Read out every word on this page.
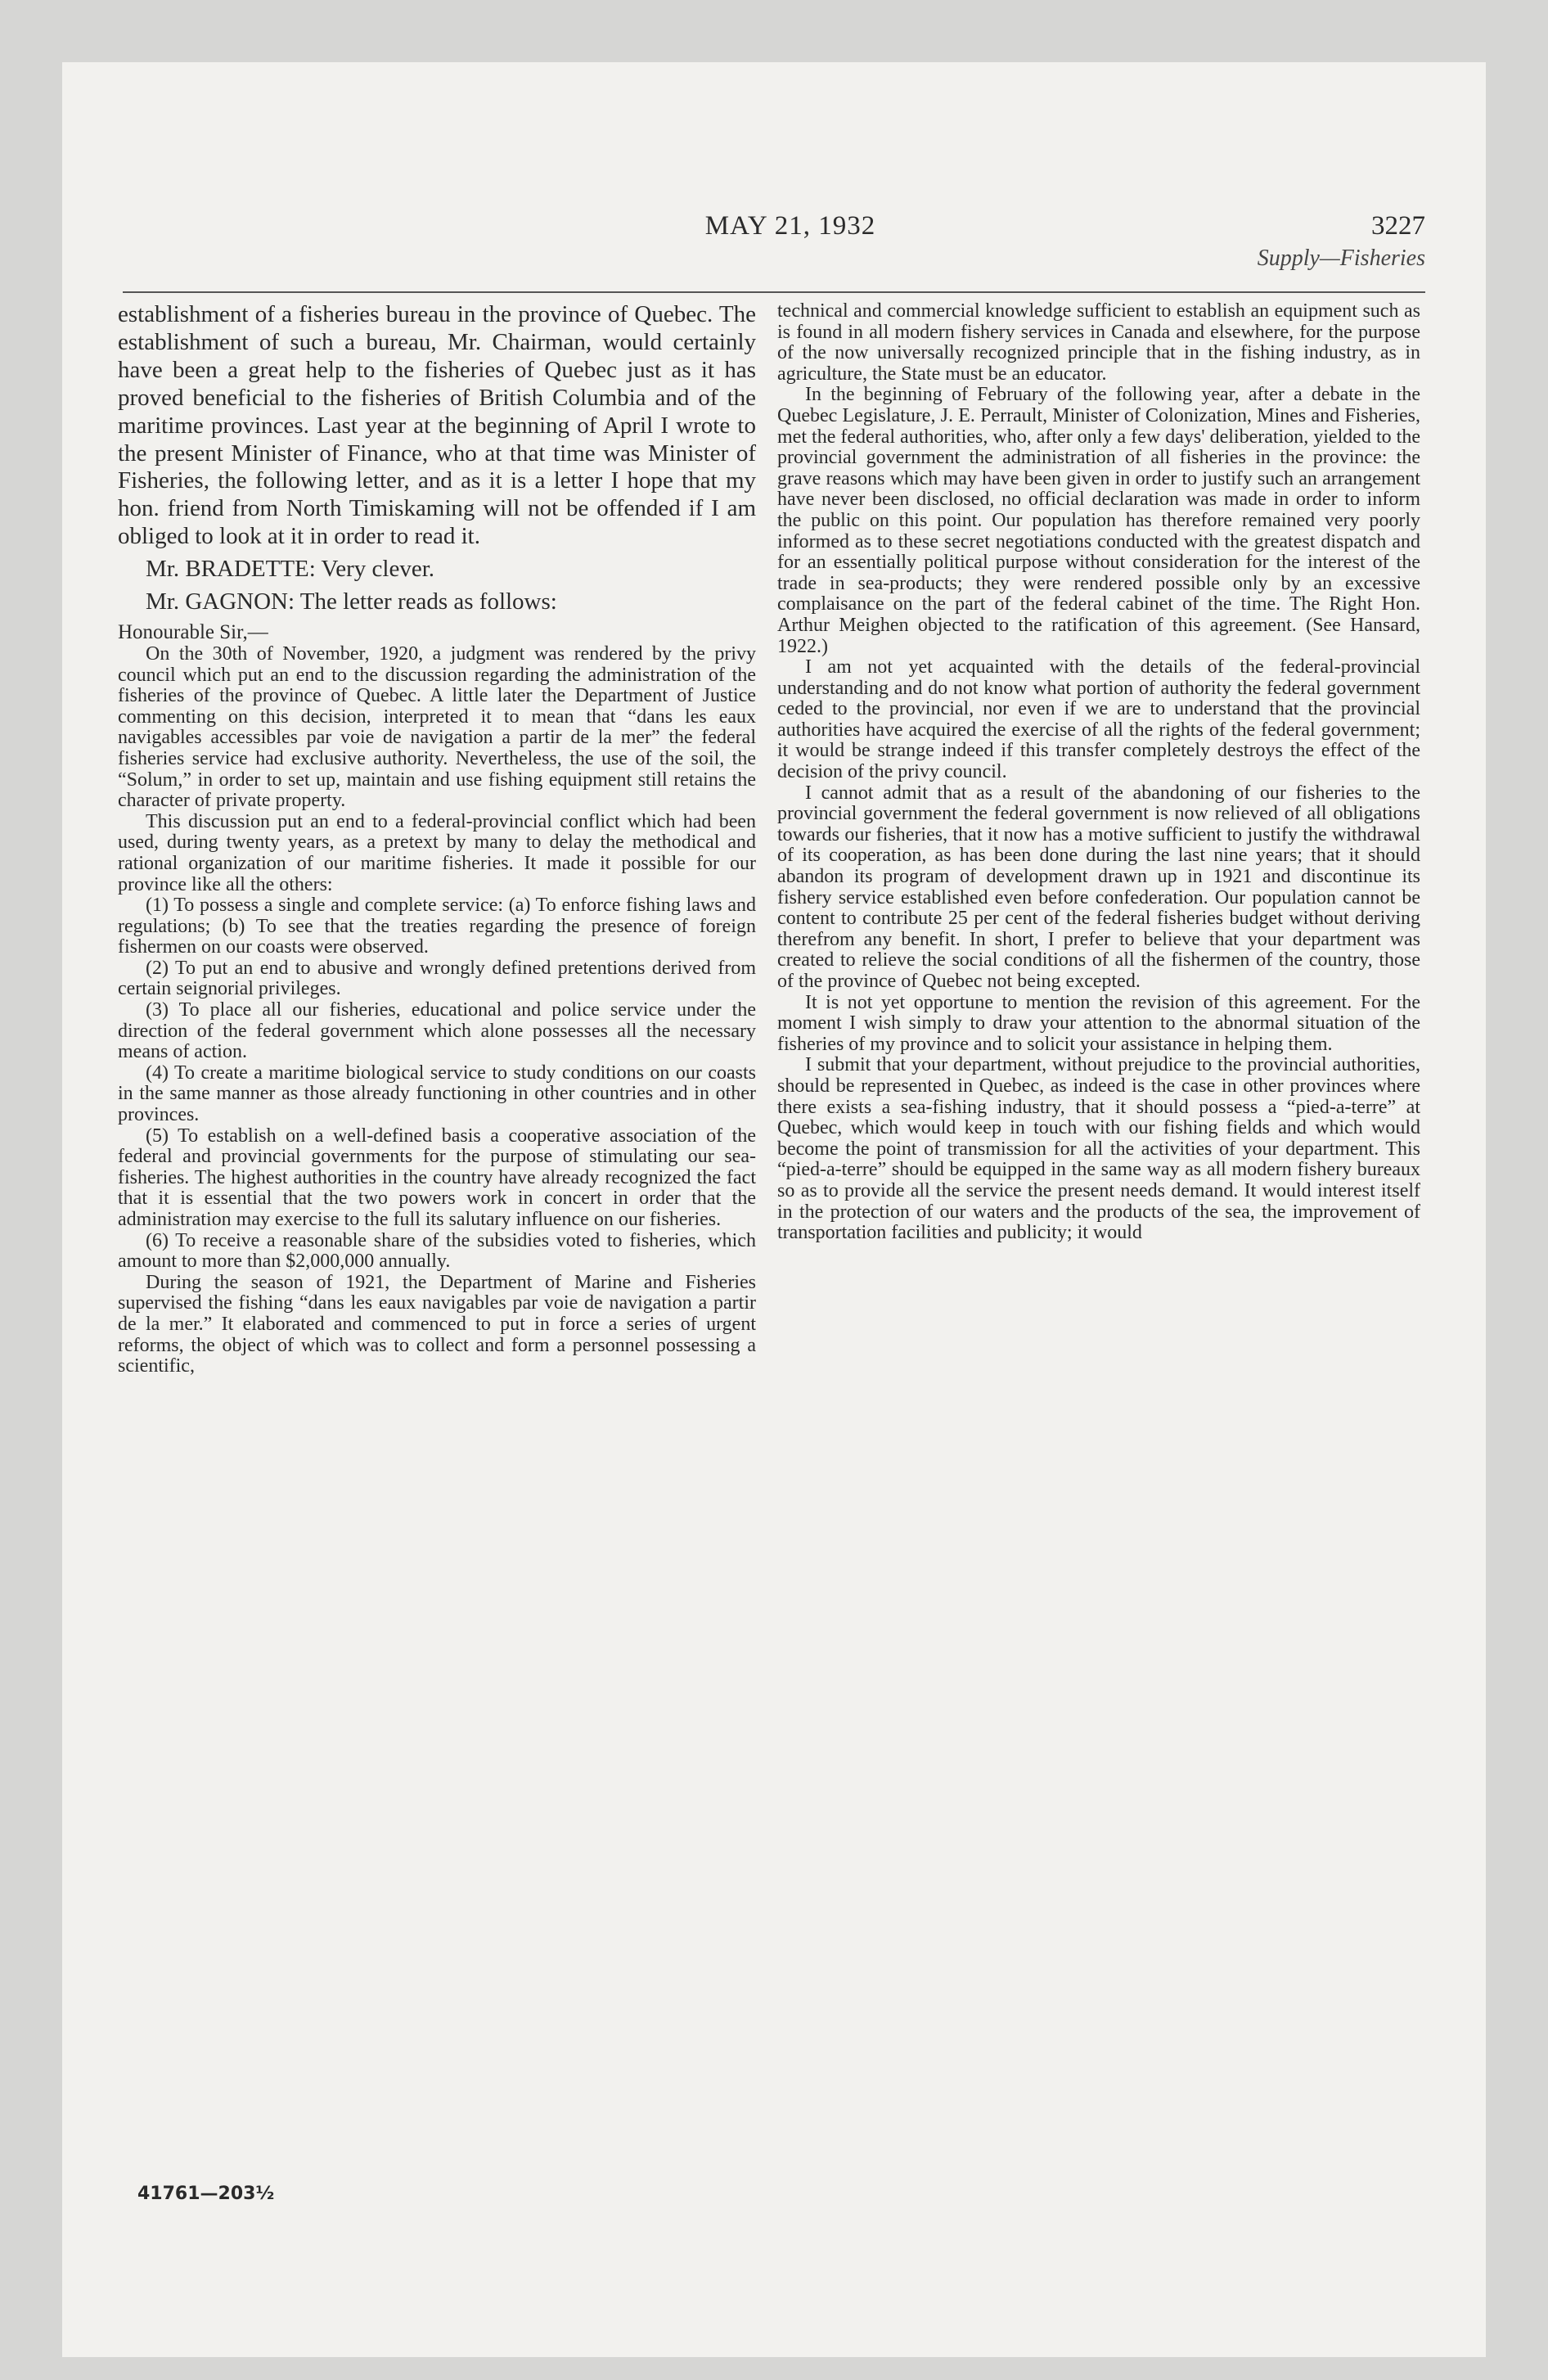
MAY 21, 1932	3227
Supply—Fisheries

establishment of a fisheries bureau in the province of Quebec. The establishment of such a bureau, Mr. Chairman, would certainly have been a great help to the fisheries of Quebec just as it has proved beneficial to the fisheries of British Columbia and of the maritime provinces. Last year at the beginning of April I wrote to the present Minister of Finance, who at that time was Minister of Fisheries, the following letter, and as it is a letter I hope that my hon. friend from North Timiskaming will not be offended if I am obliged to look at it in order to read it.

Mr. BRADETTE: Very clever.

Mr. GAGNON: The letter reads as follows:

Honourable Sir,—

On the 30th of November, 1920, a judgment was rendered by the privy council which put an end to the discussion regarding the administration of the fisheries of the province of Quebec. A little later the Department of Justice commenting on this decision, interpreted it to mean that “dans les eaux navigables accessibles par voie de navigation a partir de la mer” the federal fisheries service had exclusive authority. Nevertheless, the use of the soil, the “Solum,” in order to set up, maintain and use fishing equipment still retains the character of private property.

This discussion put an end to a federal-provincial conflict which had been used, during twenty years, as a pretext by many to delay the methodical and rational organization of our maritime fisheries. It made it possible for our province like all the others:

(1) To possess a single and complete service: (a) To enforce fishing laws and regulations; (b) To see that the treaties regarding the presence of foreign fishermen on our coasts were observed.

(2) To put an end to abusive and wrongly defined pretentions derived from certain seignorial privileges.

(3) To place all our fisheries, educational and police service under the direction of the federal government which alone possesses all the necessary means of action.

(4) To create a maritime biological service to study conditions on our coasts in the same manner as those already functioning in other countries and in other provinces.

(5) To establish on a well-defined basis a cooperative association of the federal and provincial governments for the purpose of stimulating our sea-fisheries. The highest authorities in the country have already recognized the fact that it is essential that the two powers work in concert in order that the administration may exercise to the full its salutary influence on our fisheries.

(6) To receive a reasonable share of the subsidies voted to fisheries, which amount to more than $2,000,000 annually.

During the season of 1921, the Department of Marine and Fisheries supervised the fishing “dans les eaux navigables par voie de navigation a partir de la mer.” It elaborated and commenced to put in force a series of urgent reforms, the object of which was to collect and form a personnel possessing a scientific,

technical and commercial knowledge sufficient to establish an equipment such as is found in all modern fishery services in Canada and elsewhere, for the purpose of the now universally recognized principle that in the fishing industry, as in agriculture, the State must be an educator.

In the beginning of February of the following year, after a debate in the Quebec Legislature, J. E. Perrault, Minister of Colonization, Mines and Fisheries, met the federal authorities, who, after only a few days' deliberation, yielded to the provincial government the administration of all fisheries in the province: the grave reasons which may have been given in order to justify such an arrangement have never been disclosed, no official declaration was made in order to inform the public on this point. Our population has therefore remained very poorly informed as to these secret negotiations conducted with the greatest dispatch and for an essentially political purpose without consideration for the interest of the trade in sea-products; they were rendered possible only by an excessive complaisance on the part of the federal cabinet of the time. The Right Hon. Arthur Meighen objected to the ratification of this agreement. (See Hansard, 1922.)

I am not yet acquainted with the details of the federal-provincial understanding and do not know what portion of authority the federal government ceded to the provincial, nor even if we are to understand that the provincial authorities have acquired the exercise of all the rights of the federal government; it would be strange indeed if this transfer completely destroys the effect of the decision of the privy council.

I cannot admit that as a result of the abandoning of our fisheries to the provincial government the federal government is now relieved of all obligations towards our fisheries, that it now has a motive sufficient to justify the withdrawal of its cooperation, as has been done during the last nine years; that it should abandon its program of development drawn up in 1921 and discontinue its fishery service established even before confederation. Our population cannot be content to contribute 25 per cent of the federal fisheries budget without deriving therefrom any benefit. In short, I prefer to believe that your department was created to relieve the social conditions of all the fishermen of the country, those of the province of Quebec not being excepted.

It is not yet opportune to mention the revision of this agreement. For the moment I wish simply to draw your attention to the abnormal situation of the fisheries of my province and to solicit your assistance in helping them.

I submit that your department, without prejudice to the provincial authorities, should be represented in Quebec, as indeed is the case in other provinces where there exists a sea-fishing industry, that it should possess a “pied-a-terre” at Quebec, which would keep in touch with our fishing fields and which would become the point of transmission for all the activities of your department. This “pied-a-terre” should be equipped in the same way as all modern fishery bureaux so as to provide all the service the present needs demand. It would interest itself in the protection of our waters and the products of the sea, the improvement of transportation facilities and publicity; it would

41761—203½
